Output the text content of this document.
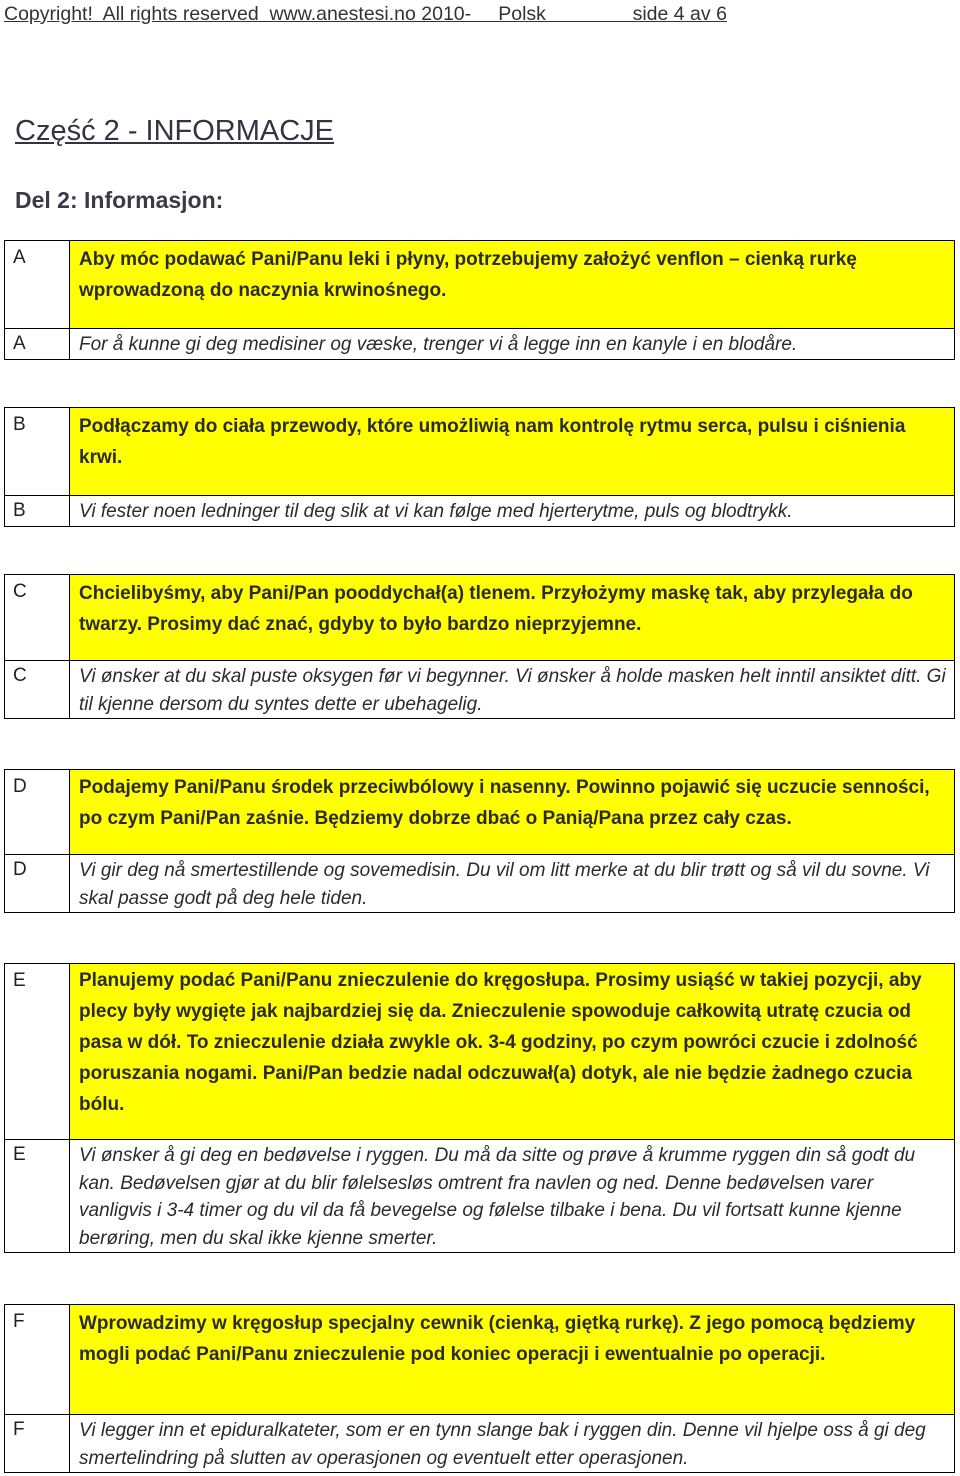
Copyright!  All rights reserved  www.anestesi.no 2010-     Polsk                side 4 av 6
Część 2 - INFORMACJE
Del 2: Informasjon:
A	Aby móc podawać Pani/Panu leki i płyny, potrzebujemy założyć venflon – cienką rurkę wprowadzoną do naczynia krwinośnego.

A	For å kunne gi deg medisiner og væske, trenger vi å legge inn en kanyle i en blodåre.
B	Podłączamy do ciała przewody, które umożliwią nam kontrolę rytmu serca, pulsu i ciśnienia krwi.

B	Vi fester noen ledninger til deg slik at vi kan følge med hjerterytme, puls og blodtrykk.
C	Chcielibyśmy, aby Pani/Pan pooddychał(a) tlenem. Przyłożymy maskę tak, aby przylegała do twarzy. Prosimy dać znać, gdyby to było bardzo nieprzyjemne.

C	Vi ønsker at du skal puste oksygen før vi begynner. Vi ønsker å holde masken helt inntil ansiktet ditt. Gi til kjenne dersom du syntes dette er ubehagelig.
D	Podajemy Pani/Panu środek przeciwbólowy i nasenny. Powinno pojawić się uczucie senności, po czym Pani/Pan zaśnie. Będziemy dobrze dbać o Panią/Pana przez cały czas.

D	Vi gir deg nå smertestillende og sovemedisin. Du vil om litt merke at du blir trøtt og så vil du sovne. Vi skal passe godt på deg hele tiden.
E	Planujemy podać Pani/Panu znieczulenie do kręgosłupa. Prosimy usiąść w takiej pozycji, aby plecy były wygięte jak najbardziej się da. Znieczulenie spowoduje całkowitą utratę czucia od pasa w dół. To znieczulenie działa zwykle ok. 3-4 godziny, po czym powróci czucie i zdolność poruszania nogami. Pani/Pan bedzie nadal odczuwał(a) dotyk, ale nie będzie żadnego czucia bólu.

E	Vi ønsker å gi deg en bedøvelse i ryggen. Du må da sitte og prøve å krumme ryggen din så godt du kan. Bedøvelsen gjør at du blir følelsesløs omtrent fra navlen og ned. Denne bedøvelsen varer vanligvis i 3-4 timer og du vil da få bevegelse og følelse tilbake i bena. Du vil fortsatt kunne kjenne berøring, men du skal ikke kjenne smerter.
F	Wprowadzimy w kręgosłup specjalny cewnik (cienką, giętką rurkę). Z jego pomocą będziemy mogli podać Pani/Panu znieczulenie pod koniec operacji i ewentualnie po operacji.

F	Vi legger inn et epiduralkateter, som er en tynn slange bak i ryggen din. Denne vil hjelpe oss å gi deg smertelindring på slutten av operasjonen og eventuelt etter operasjonen.
